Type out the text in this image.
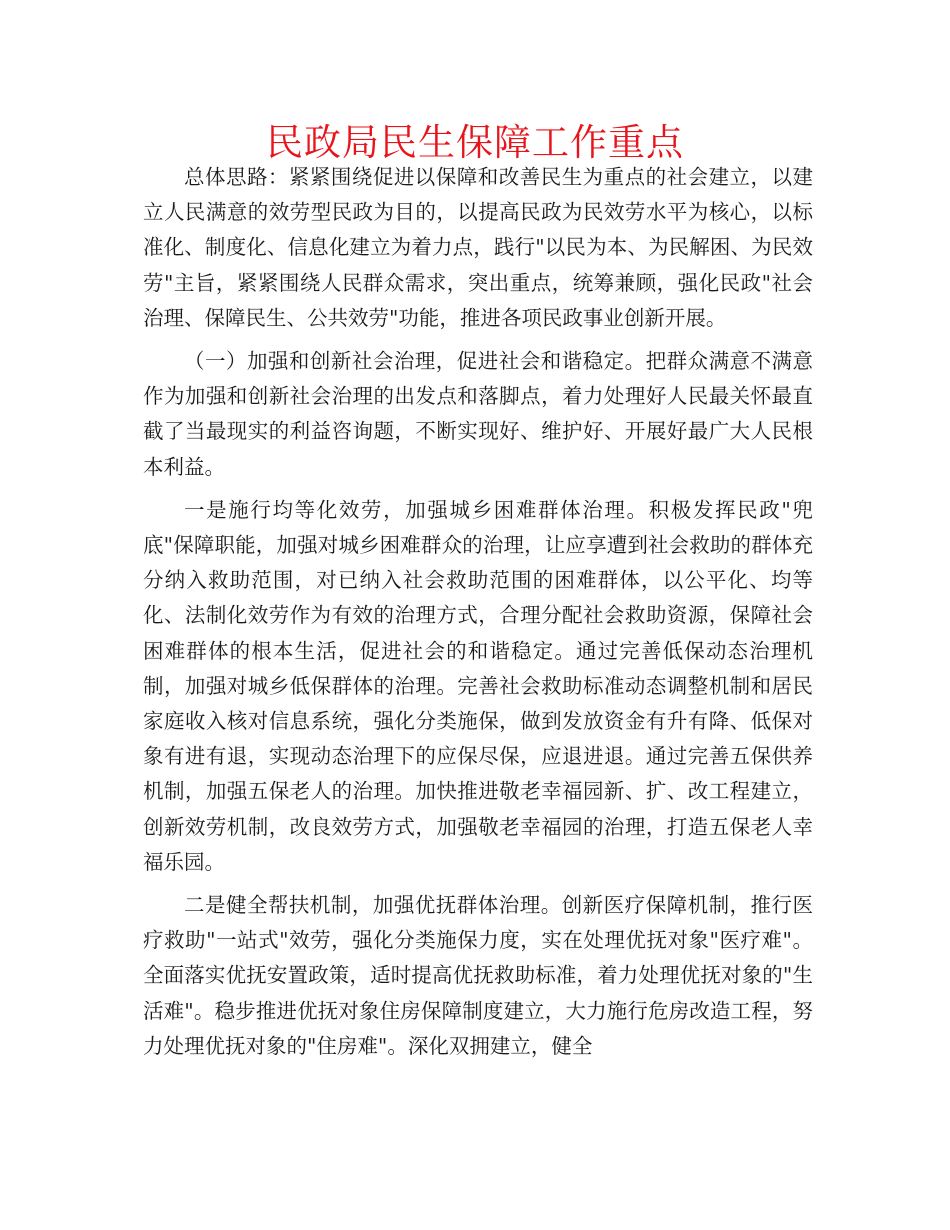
民政局民生保障工作重点

总体思路：紧紧围绕促进以保障和改善民生为重点的社会建立，以建立人民满意的效劳型民政为目的，以提高民政为民效劳水平为核心，以标准化、制度化、信息化建立为着力点，践行"以民为本、为民解困、为民效劳"主旨，紧紧围绕人民群众需求，突出重点，统筹兼顾，强化民政"社会治理、保障民生、公共效劳"功能，推进各项民政事业创新开展。

（一）加强和创新社会治理，促进社会和谐稳定。把群众满意不满意作为加强和创新社会治理的出发点和落脚点，着力处理好人民最关怀最直截了当最现实的利益咨询题，不断实现好、维护好、开展好最广大人民根本利益。

一是施行均等化效劳，加强城乡困难群体治理。积极发挥民政"兜底"保障职能，加强对城乡困难群众的治理，让应享遭到社会救助的群体充分纳入救助范围，对已纳入社会救助范围的困难群体，以公平化、均等化、法制化效劳作为有效的治理方式，合理分配社会救助资源，保障社会困难群体的根本生活，促进社会的和谐稳定。通过完善低保动态治理机制，加强对城乡低保群体的治理。完善社会救助标准动态调整机制和居民家庭收入核对信息系统，强化分类施保，做到发放资金有升有降、低保对象有进有退，实现动态治理下的应保尽保，应退进退。通过完善五保供养机制，加强五保老人的治理。加快推进敬老幸福园新、扩、改工程建立，创新效劳机制，改良效劳方式，加强敬老幸福园的治理，打造五保老人幸福乐园。

二是健全帮扶机制，加强优抚群体治理。创新医疗保障机制，推行医疗救助"一站式"效劳，强化分类施保力度，实在处理优抚对象"医疗难"。全面落实优抚安置政策，适时提高优抚救助标准，着力处理优抚对象的"生活难"。稳步推进优抚对象住房保障制度建立，大力施行危房改造工程，努力处理优抚对象的"住房难"。深化双拥建立，健全
